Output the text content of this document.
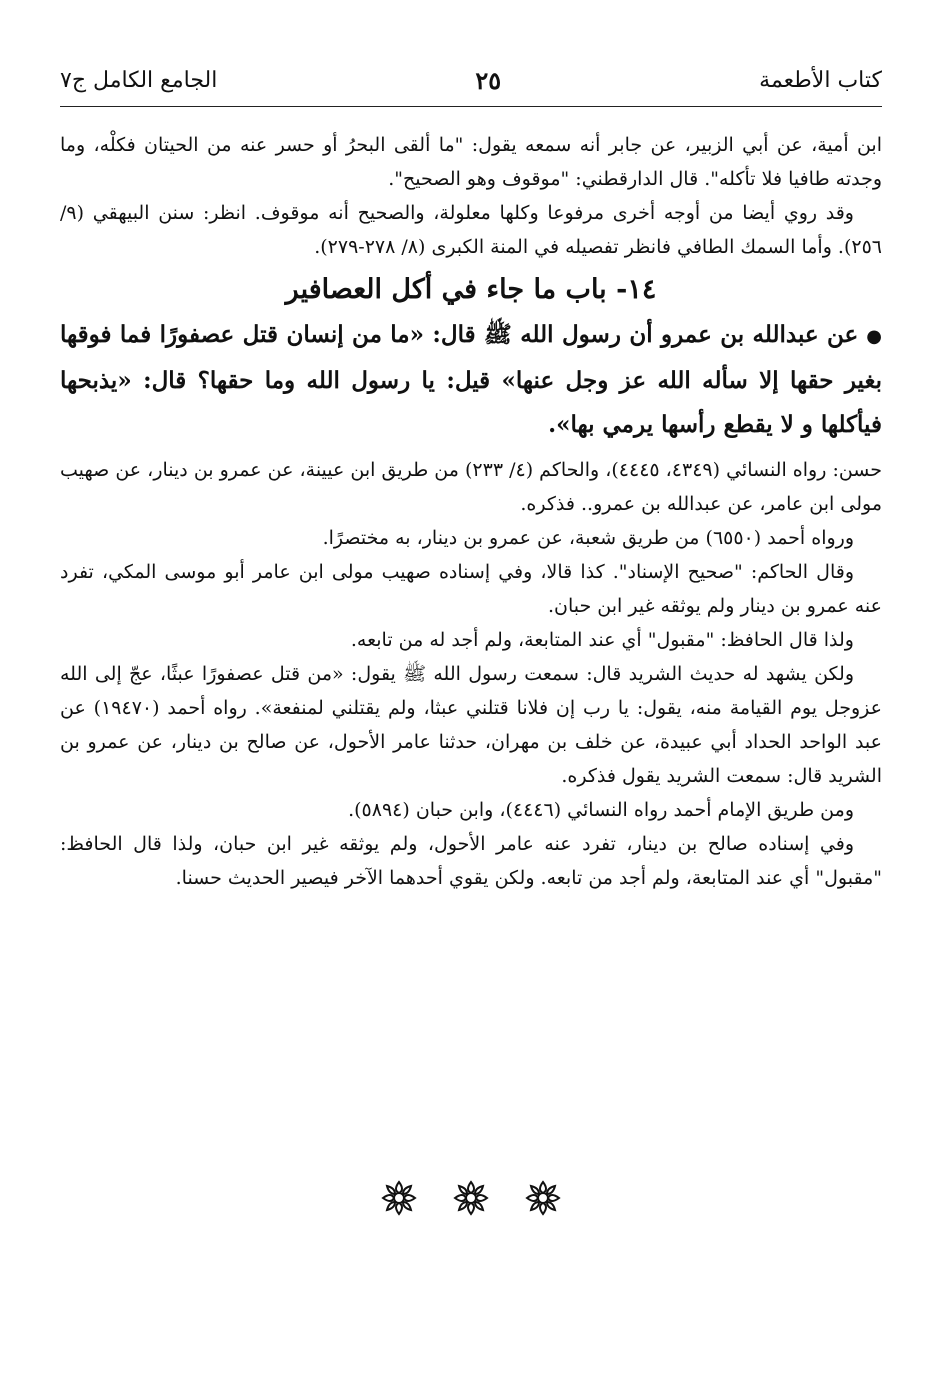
كتاب الأطعمة
٢٥
الجامع الكامل ج٧

ابن أمية، عن أبي الزبير، عن جابر أنه سمعه يقول: "ما ألقى البحرُ أو حسر عنه من الحيتان فكلْه، وما وجدته طافيا فلا تأكله". قال الدارقطني: "موقوف وهو الصحيح".

وقد روي أيضا من أوجه أخرى مرفوعا وكلها معلولة، والصحيح أنه موقوف. انظر: سنن البيهقي (٩/ ٢٥٦). وأما السمك الطافي فانظر تفصيله في المنة الكبرى (٨/ ٢٧٨-٢٧٩).

١٤- باب ما جاء في أكل العصافير

●عن عبدالله بن عمرو أن رسول الله ﷺ قال: «ما من إنسان قتل عصفورًا فما فوقها بغير حقها إلا سأله الله عز وجل عنها» قيل: يا رسول الله وما حقها؟ قال: «يذبحها فيأكلها و لا يقطع رأسها يرمي بها».

حسن: رواه النسائي (٤٣٤٩، ٤٤٤٥)، والحاكم (٤/ ٢٣٣) من طريق ابن عيينة، عن عمرو بن دينار، عن صهيب مولى ابن عامر، عن عبدالله بن عمرو.. فذكره.

ورواه أحمد (٦٥٥٠) من طريق شعبة، عن عمرو بن دينار، به مختصرًا.

وقال الحاكم: "صحيح الإسناد". كذا قالا، وفي إسناده صهيب مولى ابن عامر أبو موسى المكي، تفرد عنه عمرو بن دينار ولم يوثقه غير ابن حبان.

ولذا قال الحافظ: "مقبول" أي عند المتابعة، ولم أجد له من تابعه.

ولكن يشهد له حديث الشريد قال: سمعت رسول الله ﷺ يقول: «من قتل عصفورًا عبثًا، عجّ إلى الله عزوجل يوم القيامة منه، يقول: يا رب إن فلانا قتلني عبثا، ولم يقتلني لمنفعة». رواه أحمد (١٩٤٧٠) عن عبد الواحد الحداد أبي عبيدة، عن خلف بن مهران، حدثنا عامر الأحول، عن صالح بن دينار، عن عمرو بن الشريد قال: سمعت الشريد يقول فذكره.

ومن طريق الإمام أحمد رواه النسائي (٤٤٤٦)، وابن حبان (٥٨٩٤).

وفي إسناده صالح بن دينار، تفرد عنه عامر الأحول، ولم يوثقه غير ابن حبان، ولذا قال الحافظ: "مقبول" أي عند المتابعة، ولم أجد من تابعه. ولكن يقوي أحدهما الآخر فيصير الحديث حسنا.
